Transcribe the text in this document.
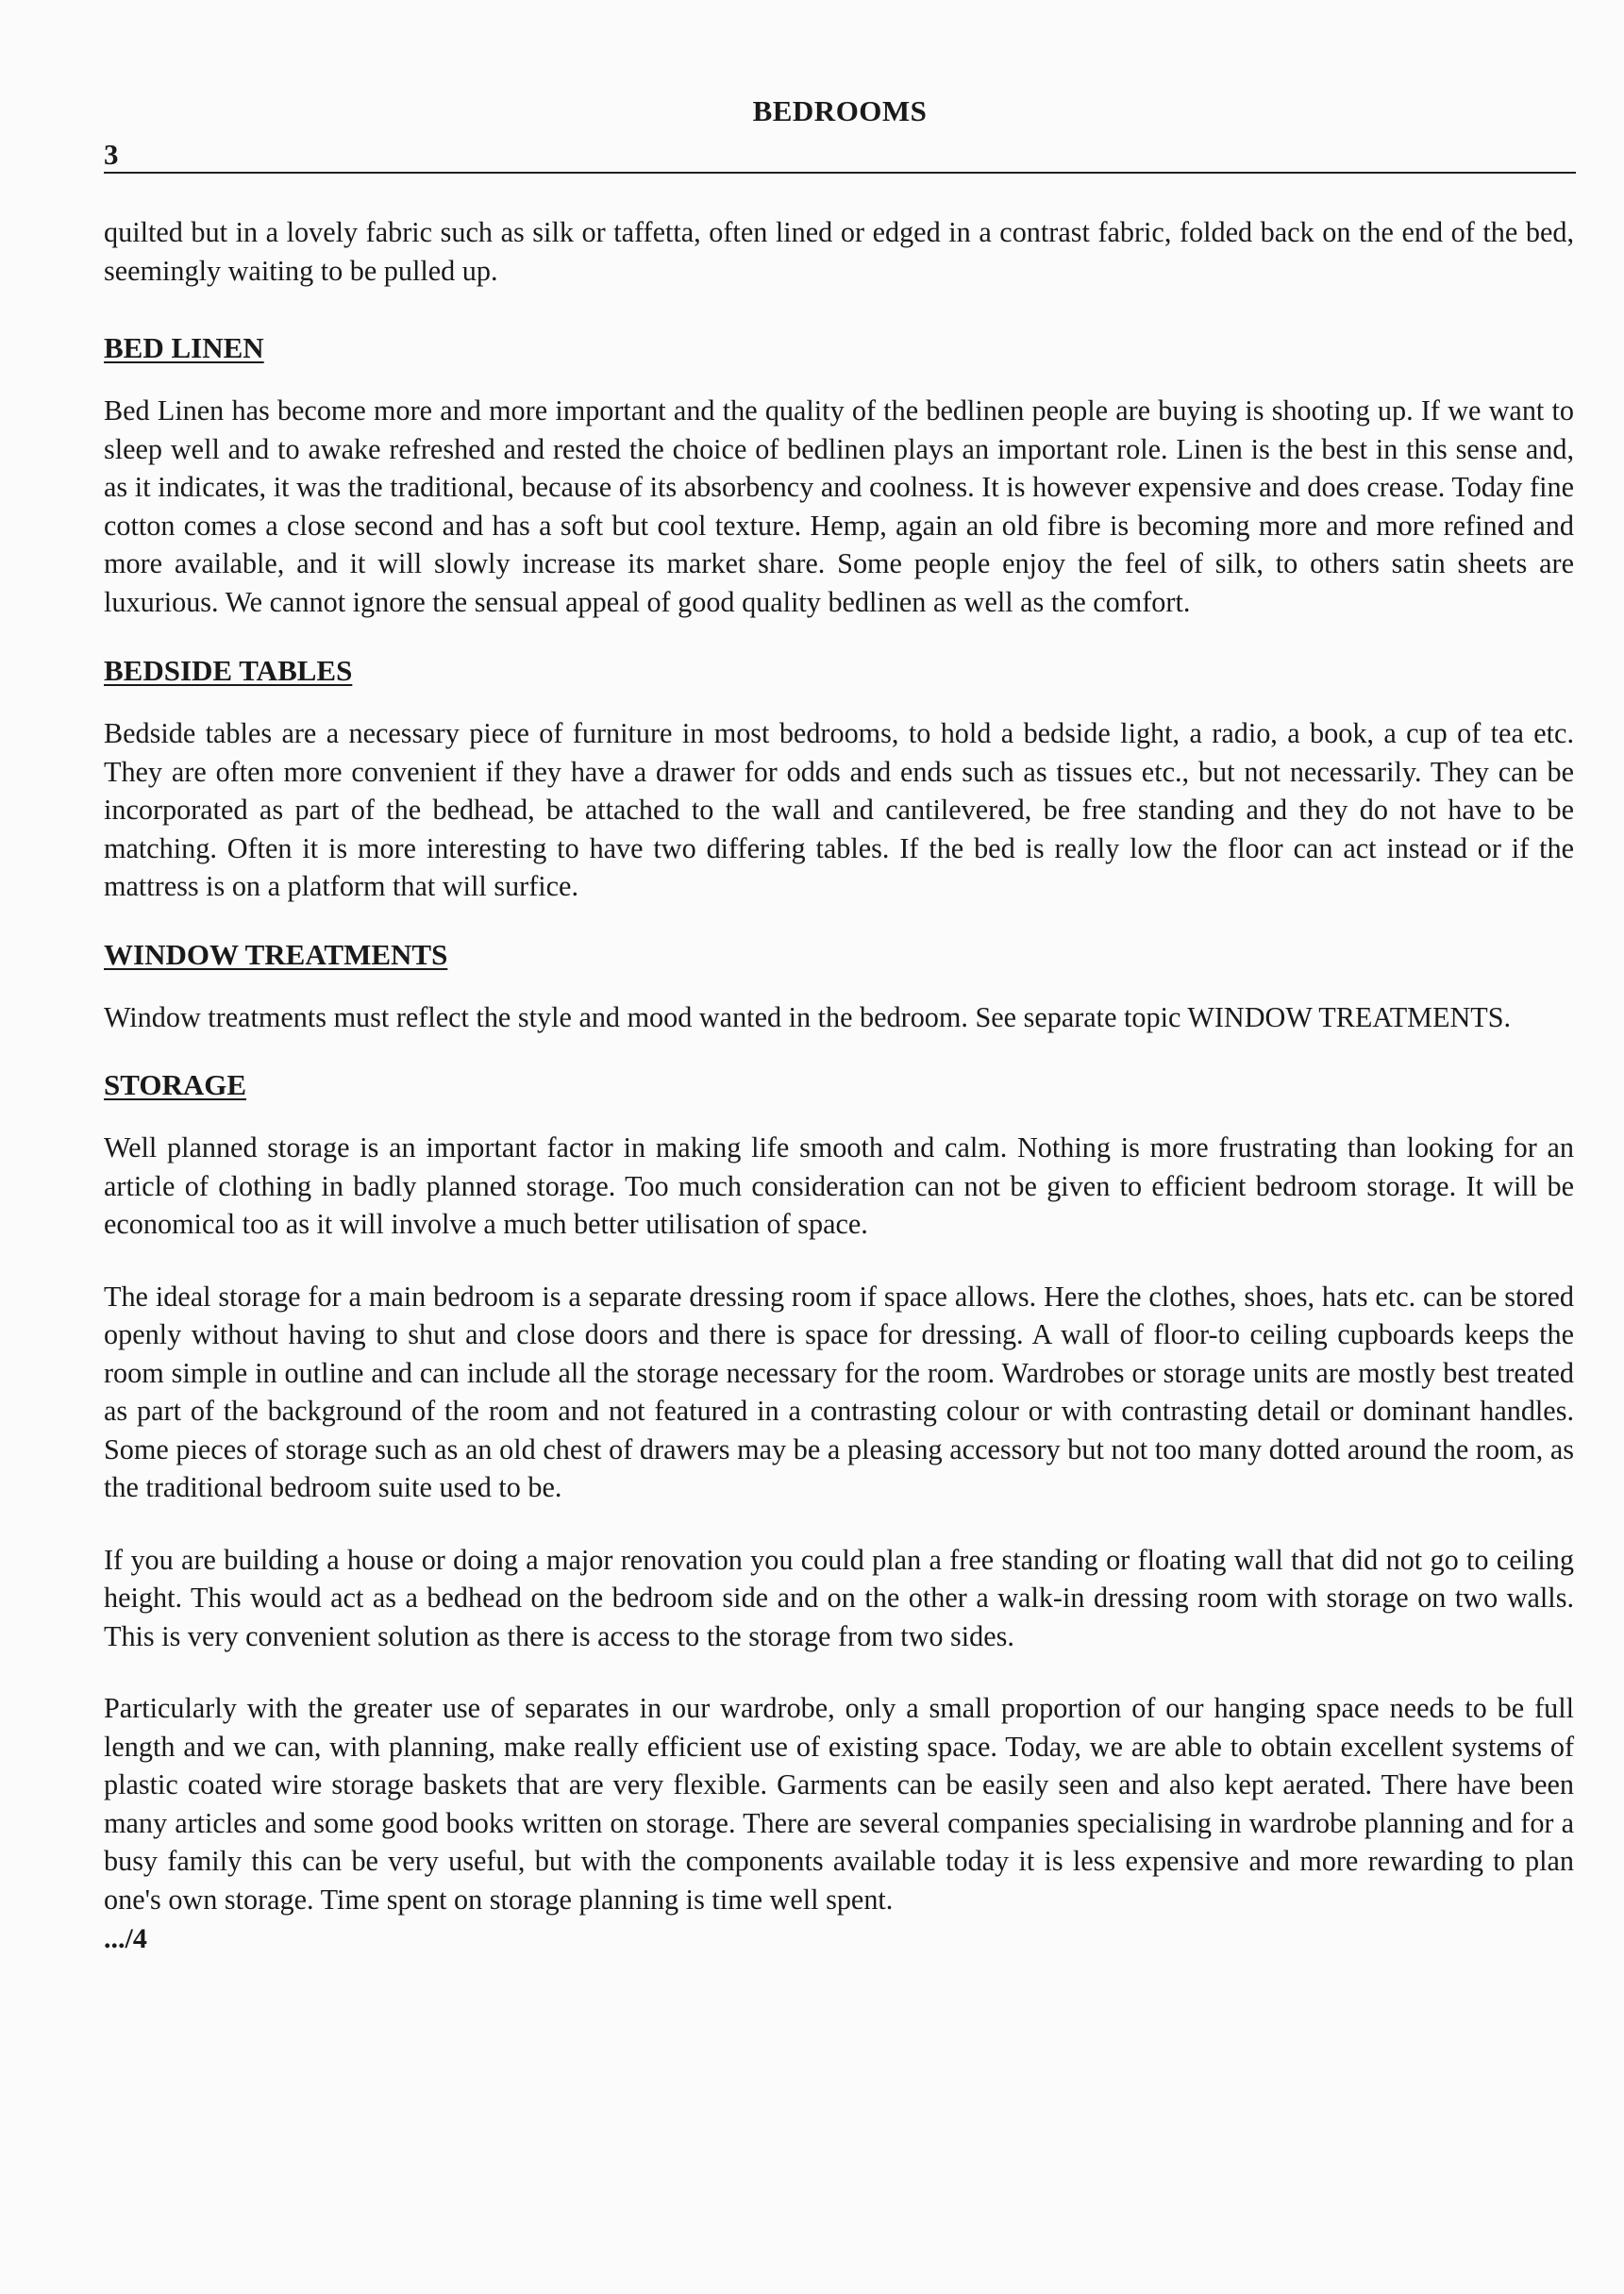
BEDROOMS
3

quilted but in a lovely fabric such as silk or taffetta, often lined or edged in a contrast fabric, folded back on the end of the bed, seemingly waiting to be pulled up.

BED LINEN

Bed Linen has become more and more important and the quality of the bedlinen people are buying is shooting up. If we want to sleep well and to awake refreshed and rested the choice of bedlinen plays an important role. Linen is the best in this sense and, as it indicates, it was the traditional, because of its absorbency and coolness. It is however expensive and does crease. Today fine cotton comes a close second and has a soft but cool texture. Hemp, again an old fibre is becoming more and more refined and more available, and it will slowly increase its market share. Some people enjoy the feel of silk, to others satin sheets are luxurious. We cannot ignore the sensual appeal of good quality bedlinen as well as the comfort.

BEDSIDE TABLES

Bedside tables are a necessary piece of furniture in most bedrooms, to hold a bedside light, a radio, a book, a cup of tea etc. They are often more convenient if they have a drawer for odds and ends such as tissues etc., but not necessarily. They can be incorporated as part of the bedhead, be attached to the wall and cantilevered, be free standing and they do not have to be matching. Often it is more interesting to have two differing tables. If the bed is really low the floor can act instead or if the mattress is on a platform that will surfice.

WINDOW TREATMENTS

Window treatments must reflect the style and mood wanted in the bedroom. See separate topic WINDOW TREATMENTS.

STORAGE

Well planned storage is an important factor in making life smooth and calm. Nothing is more frustrating than looking for an article of clothing in badly planned storage. Too much consideration can not be given to efficient bedroom storage. It will be economical too as it will involve a much better utilisation of space.

The ideal storage for a main bedroom is a separate dressing room if space allows. Here the clothes, shoes, hats etc. can be stored openly without having to shut and close doors and there is space for dressing. A wall of floor-to ceiling cupboards keeps the room simple in outline and can include all the storage necessary for the room. Wardrobes or storage units are mostly best treated as part of the background of the room and not featured in a contrasting colour or with contrasting detail or dominant handles. Some pieces of storage such as an old chest of drawers may be a pleasing accessory but not too many dotted around the room, as the traditional bedroom suite used to be.

If you are building a house or doing a major renovation you could plan a free standing or floating wall that did not go to ceiling height. This would act as a bedhead on the bedroom side and on the other a walk-in dressing room with storage on two walls. This is very convenient solution as there is access to the storage from two sides.

Particularly with the greater use of separates in our wardrobe, only a small proportion of our hanging space needs to be full length and we can, with planning, make really efficient use of existing space. Today, we are able to obtain excellent systems of plastic coated wire storage baskets that are very flexible. Garments can be easily seen and also kept aerated. There have been many articles and some good books written on storage. There are several companies specialising in wardrobe planning and for a busy family this can be very useful, but with the components available today it is less expensive and more rewarding to plan one's own storage. Time spent on storage planning is time well spent.

.../4
